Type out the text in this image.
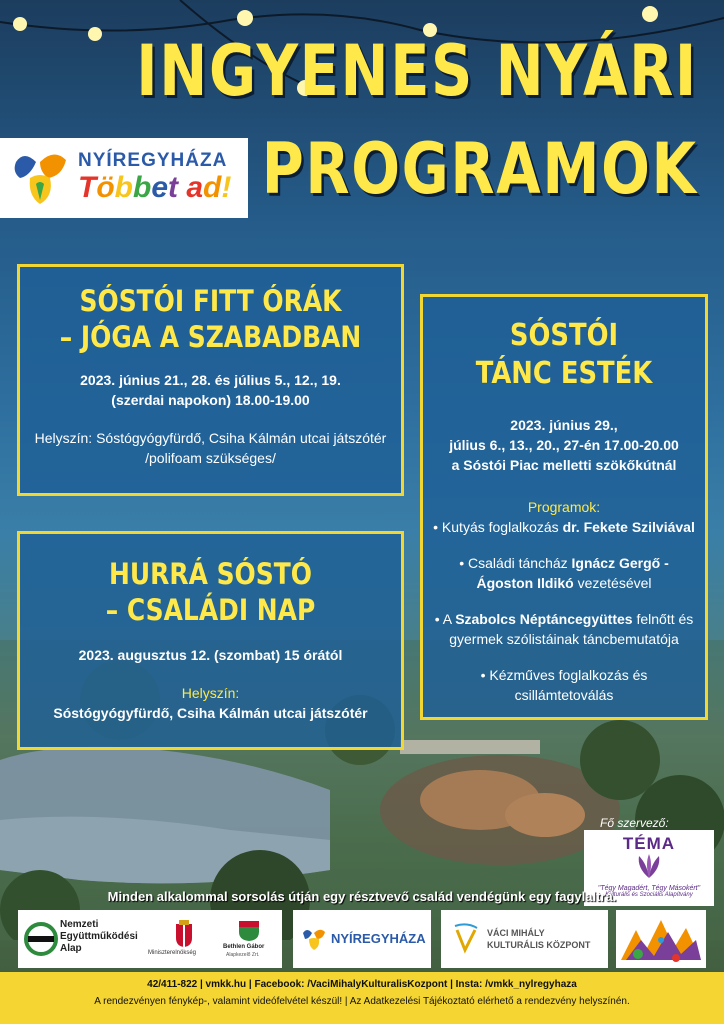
INGYENES NYÁRI
PROGRAMOK
NYÍREGYHÁZA
Többet ad!
SÓSTÓI FITT ÓRÁK
– JÓGA A SZABADBAN
2023. június 21., 28. és július 5., 12., 19.
(szerdai napokon) 18.00-19.00
Helyszín: Sóstógyógyfürdő, Csiha Kálmán utcai játszótér
/polifoam szükséges/
HURRÁ SÓSTÓ
– CSALÁDI NAP
2023. augusztus 12. (szombat) 15 órától
Helyszín:
Sóstógyógyfürdő, Csiha Kálmán utcai játszótér
SÓSTÓI
TÁNC ESTÉK
2023. június 29.,
július 6., 13., 20., 27-én 17.00-20.00
a Sóstói Piac melletti szökőkútnál
Programok:
• Kutyás foglalkozás dr. Fekete Szilviával
• Családi táncház Ignácz Gergő -
Ágoston Ildikó vezetésével
• A Szabolcs Néptáncegyüttes felnőtt és
gyermek szólistáinak táncbemutatója
• Kézműves foglalkozás és
csillámtetoválás
Fő szervező:
TÉMA
"Tégy Magadért, Tégy Másokért"
Kulturális és Szociális Alapítvány
Minden alkalommal sorsolás útján egy résztvevő család vendégünk egy fagylaltra.
Nemzeti
Együttműködési
Alap	Miniszterelnökség
Bethlen Gábor
Alapkezelő Zrt.
NYÍREGYHÁZA	VÁCI MIHÁLY
KULTURÁLIS KÖZPONT
42/411-822 | vmkk.hu | Facebook: /VaciMihalyKulturalisKozpont | Insta: /vmkk_nylregyhaza
A rendezvényen fénykép-, valamint videófelvétel készül! | Az Adatkezelési Tájékoztató elérhető a rendezvény helyszínén.
